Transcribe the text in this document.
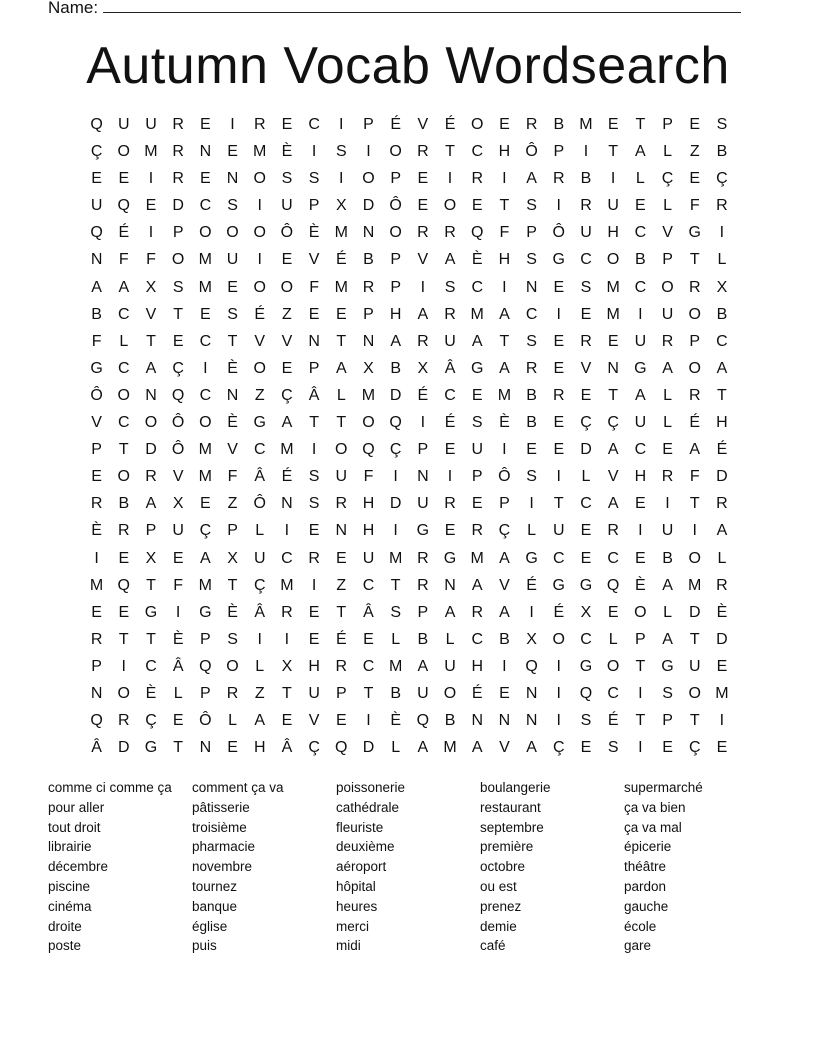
Name:
Autumn Vocab Wordsearch
Q U U R	E	I	R	E	C	I	P	É	V	É O E	R	B M E	T	P	E	S
Ç O M R N	E M È	I	S	I	O R	T	C H Ô P	I	T	A	L	Z	B
E	E	I	R	E	N O S	S	I	O P	E	I	R	I	A	R	B	I	L	Ç	E	Ç
U Q E	D C	S	I	U	P	X	D Ô E O E	T	S	I	R U	E	L	F	R
Q É	I	P O O O Ô È M N O R R Q	F	P Ô U H C	V G	I
N	F	F	O M U	I	E	V	É	B	P	V	A	È	H	S G C O B	P	T	L
A	A	X	S M E O O	F M R	P	I	S	C	I	N	E	S M C O R	X
B	C	V	T	E	S	É	Z	E	E	P	H	A	R M A	C	I	E M	I	U O B
F	L	T	E	C	T	V	V	N	T	N	A	R U	A	T	S	E	R	E	U R	P	C
G C	A	Ç	I	È O E	P	A	X	B	X	Â G A	R	E	V	N G A O A
Ô O N Q C N	Z	Ç	Â	L	M D	É	C	E M B	R	E	T	A	L	R	T
V	C O Ô O È G A	T	T	O Q	I	É	S	È	B	E	Ç Ç U	L	É	H
P	T	D Ô M V	C M	I	O Q Ç	P	E	U	I	E	E	D	A	C	E	A	É
E O R	V M F	Â	É	S	U	F	I	N	I	P Ô S	I	L	V	H R	F	D
R	B	A	X	E	Z	Ô N	S	R H D U R	E	P	I	T	C	A	E	I	T	R
È	R	P	U Ç	P	L	I	E	N H	I	G E	R Ç	L	U	E	R	I	U	I	A
I	E	X	E	A	X	U C R	E	U M R G M A G C	E	C	E	B O	L
M Q	T	F M T	Ç M	I	Z	C	T	R N	A	V	É G G Q È	A M R
E	E G	I	G È	Â	R	E	T	Â	S	P	A	R	A	I	É	X	E O	L	D	È
R	T	T	È	P	S	I	I	E	É	E	L	B	L	C	B	X O C	L	P	A	T	D
P	I	C	Â Q O	L	X	H R C M A	U H	I	Q	I	G O	T	G U	E
N O È	L	P	R	Z	T	U	P	T	B	U O É	E	N	I	Q C	I	S O M
Q R Ç	E Ô	L	A	E	V	E	I	È Q B	N N N	I	S	É	T	P	T	I
Â	D G	T	N	E	H	Â	Ç Q D	L	A M A	V	A	Ç	E	S	I	E	Ç	E
comme ci comme ça
pour aller
tout droit
librairie
décembre
piscine
cinéma
droite
poste
comment ça va
pâtisserie
troisième
pharmacie
novembre
tournez
banque
église
puis
poissonerie
cathédrale
fleuriste
deuxième
aéroport
hôpital
heures
merci
midi
boulangerie
restaurant
septembre
première
octobre
ou est
prenez
demie
café
supermarché
ça va bien
ça va mal
épicerie
théâtre
pardon
gauche
école
gare
